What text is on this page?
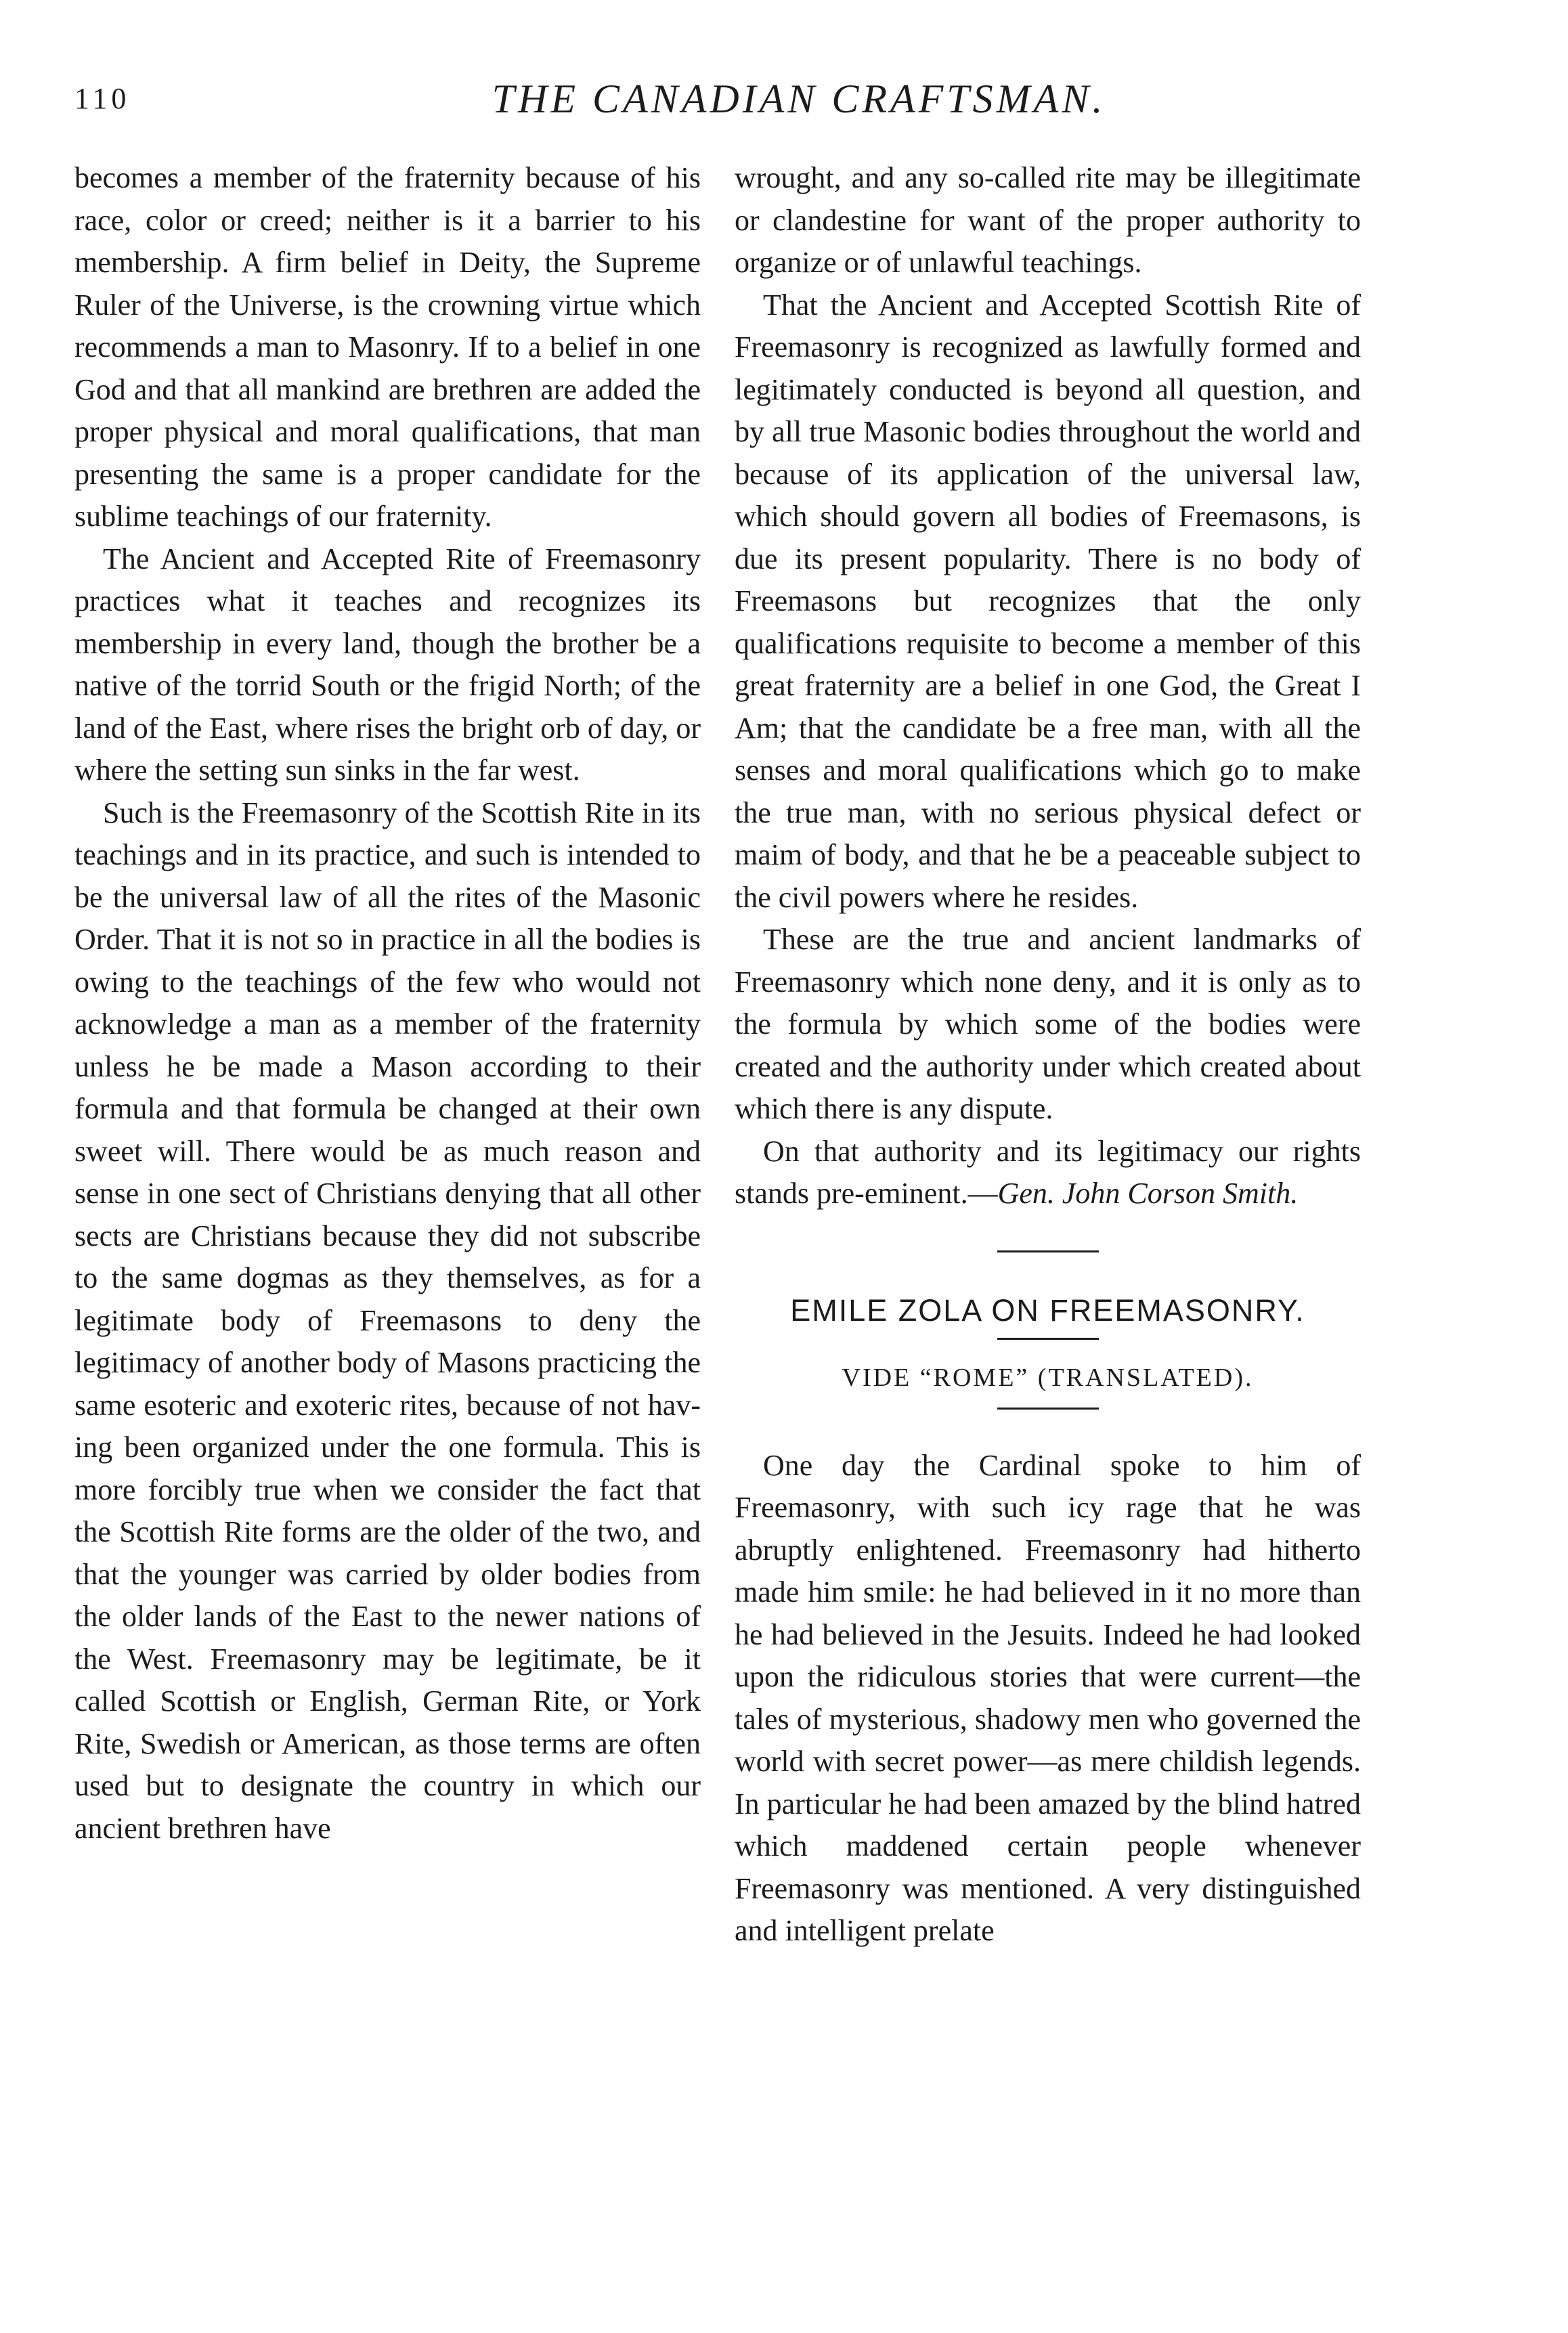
110	THE CANADIAN CRAFTSMAN.

becomes a member of the fraternity because of his race, color or creed; neither is it a barrier to his membership. A firm belief in Deity, the Supreme Ruler of the Universe, is the crowning virtue which recommends a man to Masonry. If to a belief in one God and that all mankind are brethren are added the proper physical and moral qualifications, that man presenting the same is a proper candidate for the sublime teachings of our fraternity.

The Ancient and Accepted Rite of Freemasonry practices what it teaches and recognizes its membership in every land, though the brother be a native of the torrid South or the frigid North; of the land of the East, where rises the bright orb of day, or where the setting sun sinks in the far west.

Such is the Freemasonry of the Scottish Rite in its teachings and in its practice, and such is intended to be the universal law of all the rites of the Masonic Order. That it is not so in practice in all the bodies is owing to the teachings of the few who would not acknowledge a man as a member of the fraternity unless he be made a Mason according to their formula and that formula be changed at their own sweet will. There would be as much reason and sense in one sect of Christians denying that all other sects are Christians because they did not subscribe to the same dogmas as they themselves, as for a legitimate body of Freemasons to deny the legitimacy of another body of Masons practicing the same esoteric and exoteric rites, because of not having been organized under the one formula. This is more forcibly true when we consider the fact that the Scottish Rite forms are the older of the two, and that the younger was carried by older bodies from the older lands of the East to the newer nations of the West. Freemasonry may be legitimate, be it called Scottish or English, German Rite, or York Rite, Swedish or American, as those terms are often used but to designate the country in which our ancient brethren have

wrought, and any so-called rite may be illegitimate or clandestine for want of the proper authority to organize or of unlawful teachings.

That the Ancient and Accepted Scottish Rite of Freemasonry is recognized as lawfully formed and legitimately conducted is beyond all question, and by all true Masonic bodies throughout the world and because of its application of the universal law, which should govern all bodies of Freemasons, is due its present popularity. There is no body of Freemasons but recognizes that the only qualifications requisite to become a member of this great fraternity are a belief in one God, the Great I Am; that the candidate be a free man, with all the senses and moral qualifications which go to make the true man, with no serious physical defect or maim of body, and that he be a peaceable subject to the civil powers where he resides.

These are the true and ancient landmarks of Freemasonry which none deny, and it is only as to the formula by which some of the bodies were created and the authority under which created about which there is any dispute.

On that authority and its legitimacy our rights stands pre-eminent.—Gen. John Corson Smith.

EMILE ZOLA ON FREEMASONRY.

VIDE “ROME” (TRANSLATED).

One day the Cardinal spoke to him of Freemasonry, with such icy rage that he was abruptly enlightened. Freemasonry had hitherto made him smile: he had believed in it no more than he had believed in the Jesuits. Indeed he had looked upon the ridiculous stories that were current—the tales of mysterious, shadowy men who governed the world with secret power—as mere childish legends. In particular he had been amazed by the blind hatred which maddened certain people whenever Freemasonry was mentioned. A very distinguished and intelligent prelate
